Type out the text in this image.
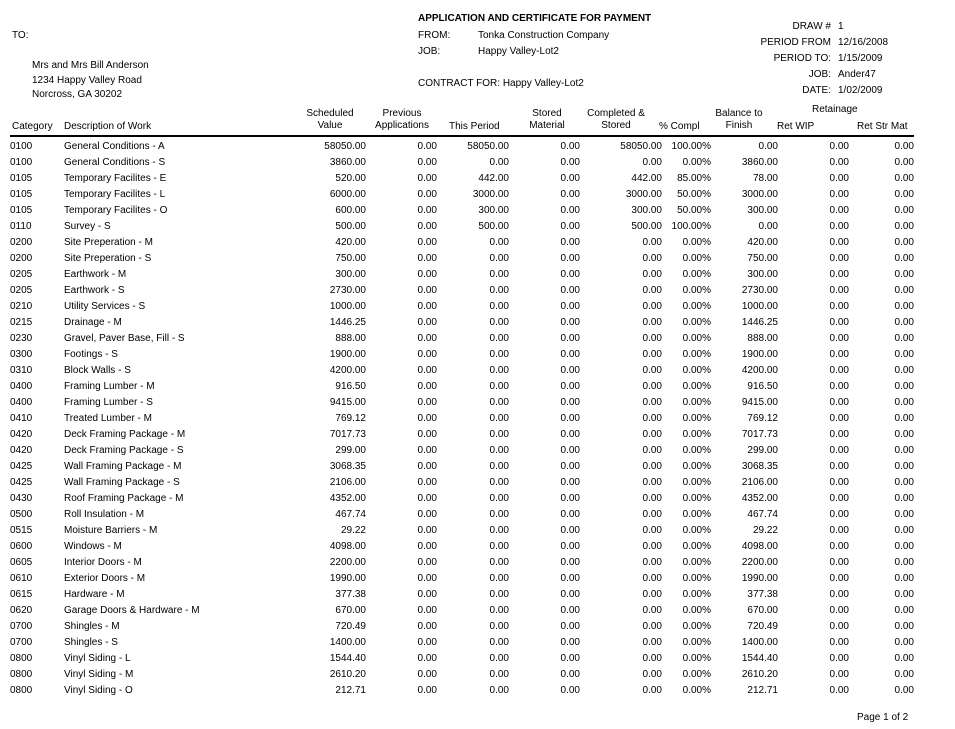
TO:
Mrs and Mrs Bill Anderson
1234 Happy Valley Road
Norcross, GA 30202
APPLICATION AND CERTIFICATE FOR PAYMENT
FROM:	Tonka Construction Company
JOB:	Happy Valley-Lot2
CONTRACT FOR: Happy Valley-Lot2
DRAW # 1
PERIOD FROM 12/16/2008
PERIOD TO: 1/15/2009
JOB: Ander47
DATE: 1/02/2009
Category Description of Work
Scheduled
Value
Previous
Applications	This Period
Stored
Material
Completed &
Stored	% Compl
Balance to
Finish
Retainage
Ret WIP	Ret Str Mat
0100	General Conditions - A	58050.00	0.00	58050.00	0.00	58050.00	100.00%	0.00	0.00	0.00
0100	General Conditions - S	3860.00	0.00	0.00	0.00	0.00	0.00%	3860.00	0.00	0.00
0105	Temporary Facilites - E	520.00	0.00	442.00	0.00	442.00	85.00%	78.00	0.00	0.00
0105	Temporary Facilites - L	6000.00	0.00	3000.00	0.00	3000.00	50.00%	3000.00	0.00	0.00
0105	Temporary Facilites - O	600.00	0.00	300.00	0.00	300.00	50.00%	300.00	0.00	0.00
0110	Survey - S	500.00	0.00	500.00	0.00	500.00	100.00%	0.00	0.00	0.00
0200	Site Preperation - M	420.00	0.00	0.00	0.00	0.00	0.00%	420.00	0.00	0.00
0200	Site Preperation - S	750.00	0.00	0.00	0.00	0.00	0.00%	750.00	0.00	0.00
0205	Earthwork - M	300.00	0.00	0.00	0.00	0.00	0.00%	300.00	0.00	0.00
0205	Earthwork - S	2730.00	0.00	0.00	0.00	0.00	0.00%	2730.00	0.00	0.00
0210	Utility Services - S	1000.00	0.00	0.00	0.00	0.00	0.00%	1000.00	0.00	0.00
0215	Drainage - M	1446.25	0.00	0.00	0.00	0.00	0.00%	1446.25	0.00	0.00
0230	Gravel, Paver Base, Fill - S	888.00	0.00	0.00	0.00	0.00	0.00%	888.00	0.00	0.00
0300	Footings - S	1900.00	0.00	0.00	0.00	0.00	0.00%	1900.00	0.00	0.00
0310	Block Walls - S	4200.00	0.00	0.00	0.00	0.00	0.00%	4200.00	0.00	0.00
0400	Framing Lumber - M	916.50	0.00	0.00	0.00	0.00	0.00%	916.50	0.00	0.00
0400	Framing Lumber - S	9415.00	0.00	0.00	0.00	0.00	0.00%	9415.00	0.00	0.00
0410	Treated Lumber - M	769.12	0.00	0.00	0.00	0.00	0.00%	769.12	0.00	0.00
0420	Deck Framing Package - M	7017.73	0.00	0.00	0.00	0.00	0.00%	7017.73	0.00	0.00
0420	Deck Framing Package - S	299.00	0.00	0.00	0.00	0.00	0.00%	299.00	0.00	0.00
0425	Wall Framing Package - M	3068.35	0.00	0.00	0.00	0.00	0.00%	3068.35	0.00	0.00
0425	Wall Framing Package - S	2106.00	0.00	0.00	0.00	0.00	0.00%	2106.00	0.00	0.00
0430	Roof Framing Package - M	4352.00	0.00	0.00	0.00	0.00	0.00%	4352.00	0.00	0.00
0500	Roll Insulation - M	467.74	0.00	0.00	0.00	0.00	0.00%	467.74	0.00	0.00
0515	Moisture Barriers - M	29.22	0.00	0.00	0.00	0.00	0.00%	29.22	0.00	0.00
0600	Windows - M	4098.00	0.00	0.00	0.00	0.00	0.00%	4098.00	0.00	0.00
0605	Interior Doors - M	2200.00	0.00	0.00	0.00	0.00	0.00%	2200.00	0.00	0.00
0610	Exterior Doors - M	1990.00	0.00	0.00	0.00	0.00	0.00%	1990.00	0.00	0.00
0615	Hardware - M	377.38	0.00	0.00	0.00	0.00	0.00%	377.38	0.00	0.00
0620	Garage Doors & Hardware - M	670.00	0.00	0.00	0.00	0.00	0.00%	670.00	0.00	0.00
0700	Shingles - M	720.49	0.00	0.00	0.00	0.00	0.00%	720.49	0.00	0.00
0700	Shingles - S	1400.00	0.00	0.00	0.00	0.00	0.00%	1400.00	0.00	0.00
0800	Vinyl Siding - L	1544.40	0.00	0.00	0.00	0.00	0.00%	1544.40	0.00	0.00
0800	Vinyl Siding - M	2610.20	0.00	0.00	0.00	0.00	0.00%	2610.20	0.00	0.00
0800	Vinyl Siding - O	212.71	0.00	0.00	0.00	0.00	0.00%	212.71	0.00	0.00
Page 1 of 2
